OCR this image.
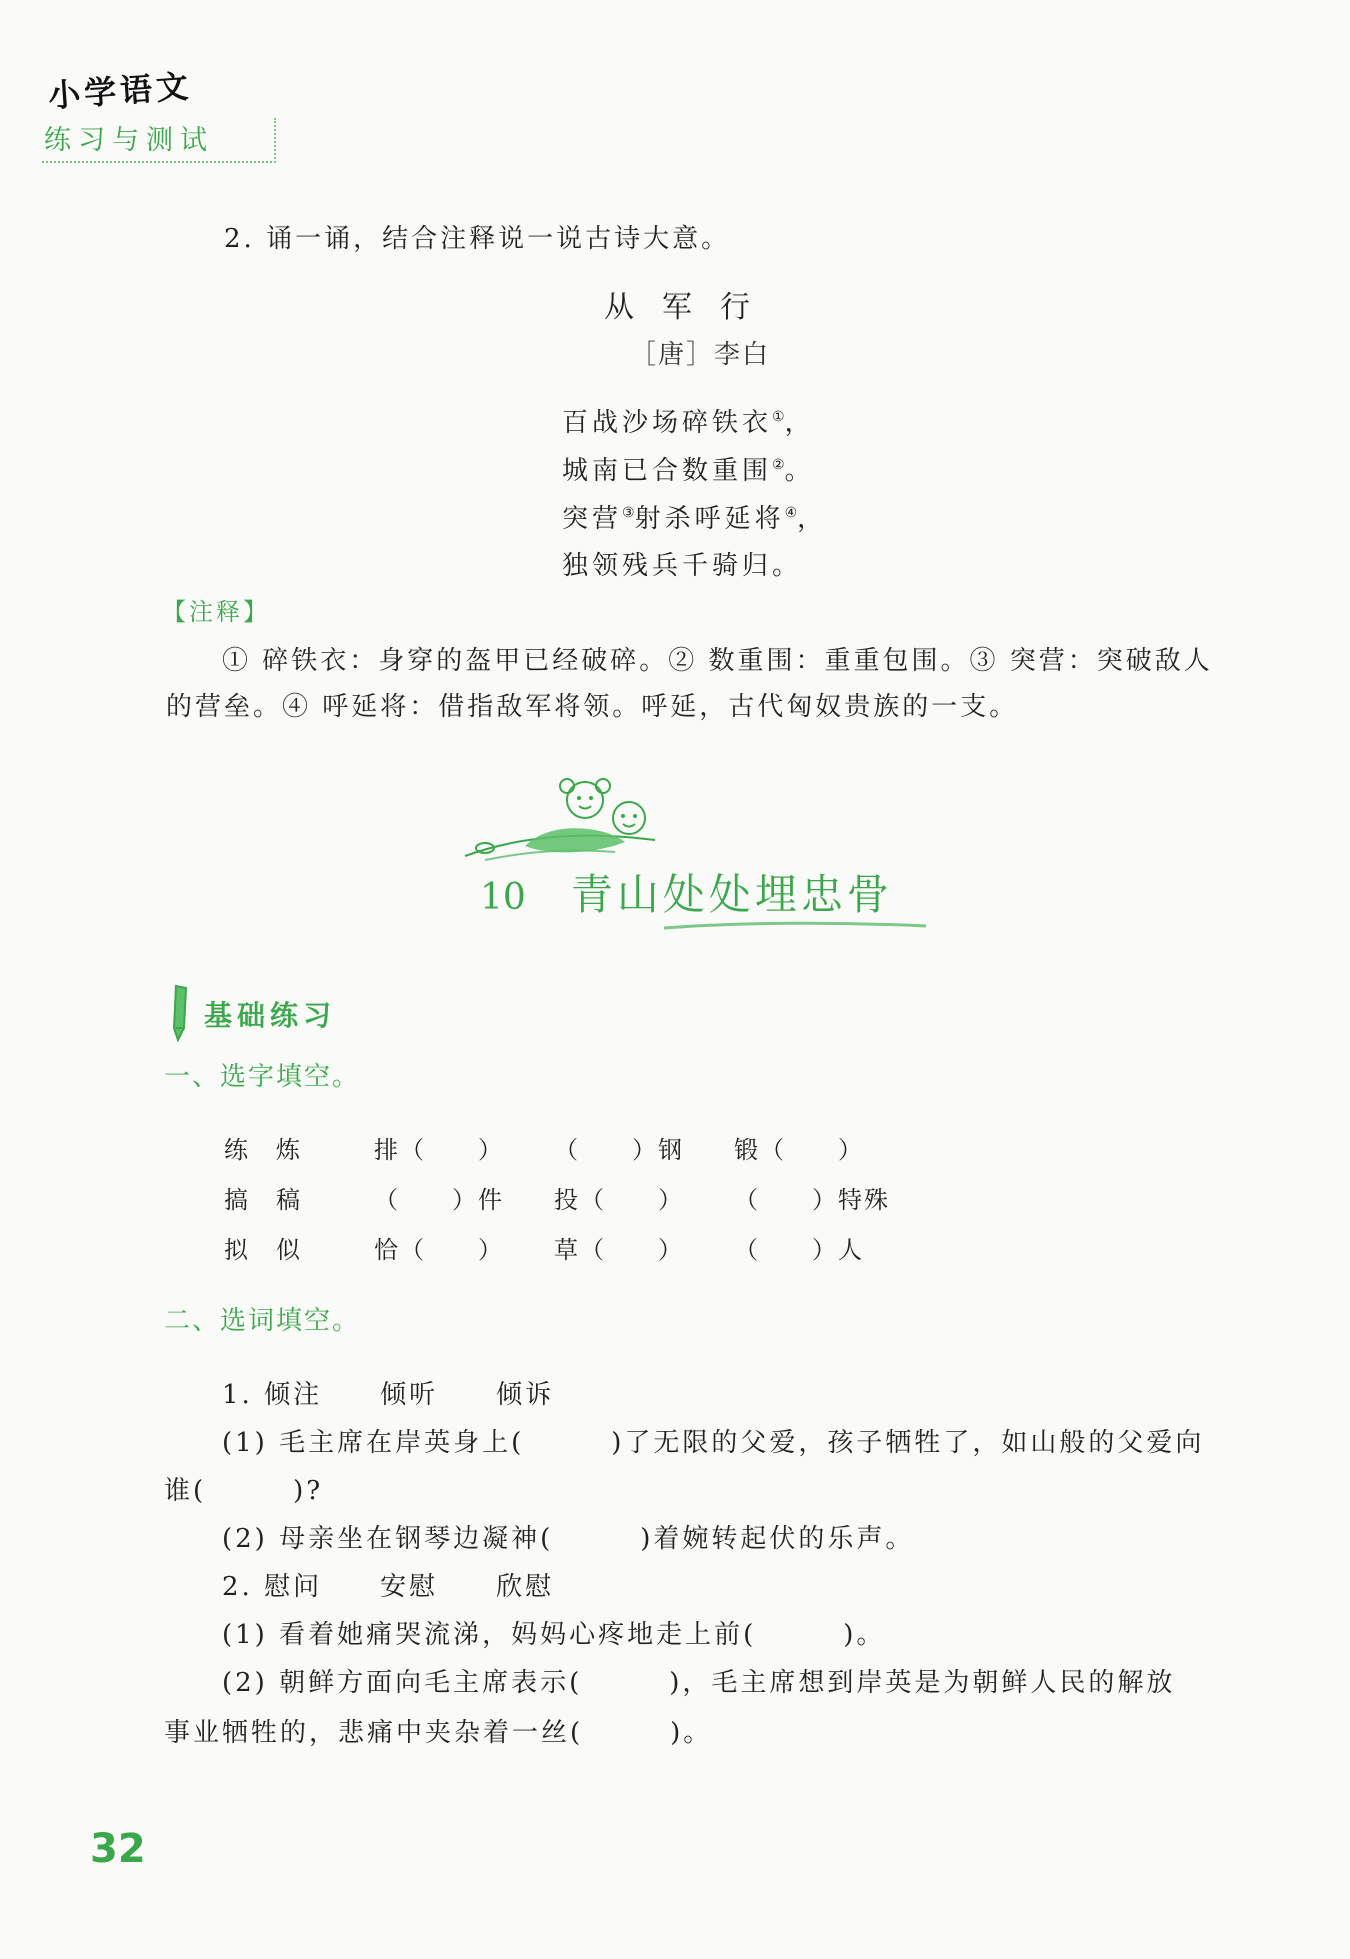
小学语文
练习与测试
2. 诵一诵，结合注释说一说古诗大意。
从军行
［唐］李白
百战沙场碎铁衣①，
城南已合数重围②。
突营③射杀呼延将④，
独领残兵千骑归。
【注释】
① 碎铁衣：身穿的盔甲已经破碎。② 数重围：重重包围。③ 突营：突破敌人
的营垒。④ 呼延将：借指敌军将领。呼延，古代匈奴贵族的一支。
10 青山处处埋忠骨
基础练习
一、选字填空。
练　炼	排（　　）	（　　）钢	锻（　　）
搞　稿	（　　）件	投（　　）	（　　）特殊
拟　似	恰（　　）	草（　　）	（　　）人
二、选词填空。
1. 倾注　　倾听　　倾诉
(1) 毛主席在岸英身上(　　　)了无限的父爱，孩子牺牲了，如山般的父爱向
谁(　　　)?
(2) 母亲坐在钢琴边凝神(　　　)着婉转起伏的乐声。
2. 慰问　　安慰　　欣慰
(1) 看着她痛哭流涕，妈妈心疼地走上前(　　　)。
(2) 朝鲜方面向毛主席表示(　　　)，毛主席想到岸英是为朝鲜人民的解放
事业牺牲的，悲痛中夹杂着一丝(　　　)。
32
